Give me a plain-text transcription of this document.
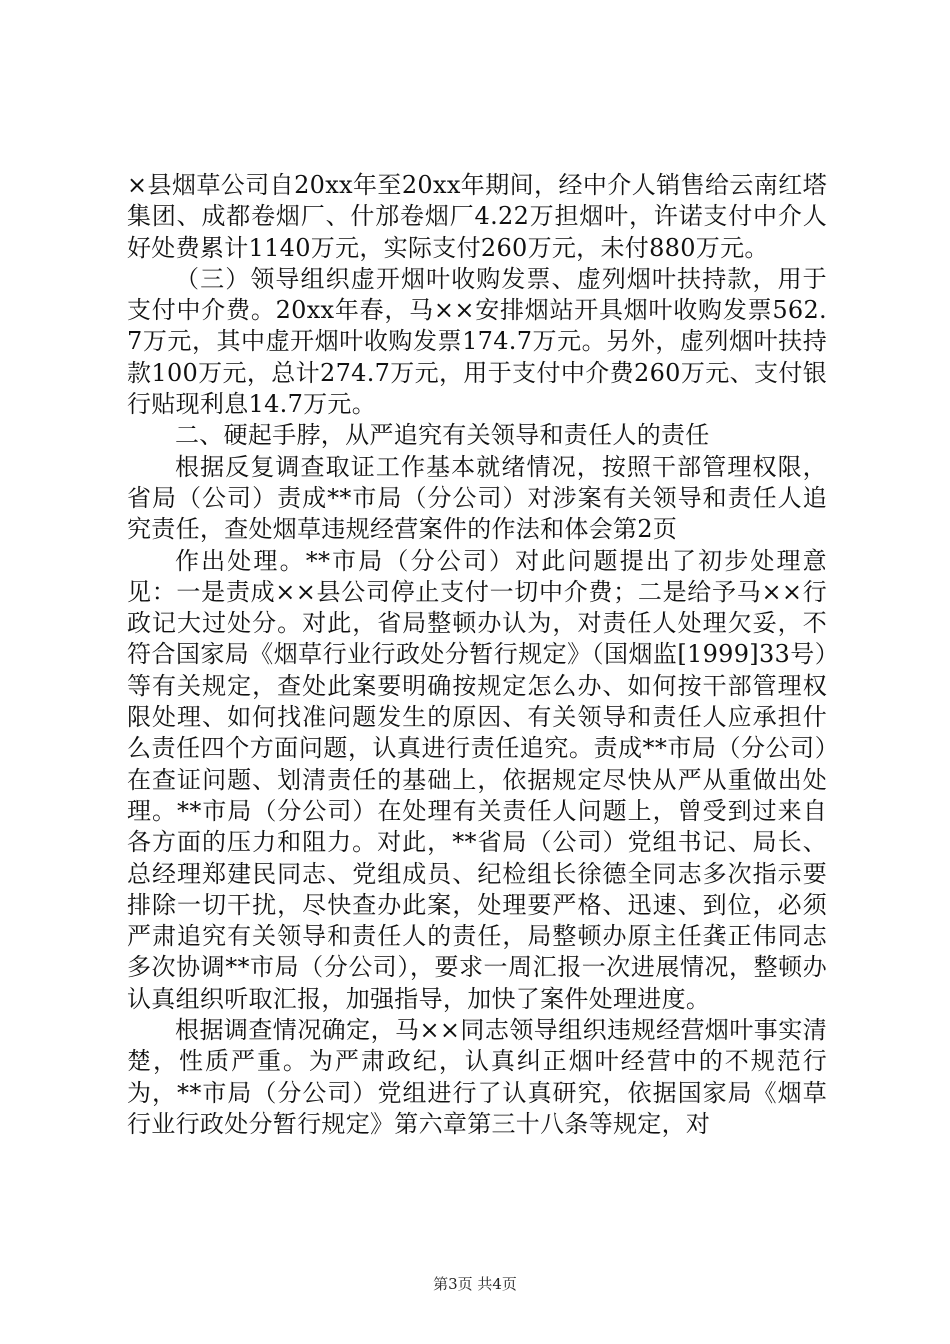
×县烟草公司自20xx年至20xx年期间，经中介人销售给云南红塔集团、成都卷烟厂、什邡卷烟厂4.22万担烟叶，许诺支付中介人好处费累计1140万元，实际支付260万元，未付880万元。

（三）领导组织虚开烟叶收购发票、虚列烟叶扶持款，用于支付中介费。20xx年春，马××安排烟站开具烟叶收购发票562.7万元，其中虚开烟叶收购发票174.7万元。另外，虚列烟叶扶持款100万元，总计274.7万元，用于支付中介费260万元、支付银行贴现利息14.7万元。

二、硬起手脖，从严追究有关领导和责任人的责任

根据反复调查取证工作基本就绪情况，按照干部管理权限，省局（公司）责成**市局（分公司）对涉案有关领导和责任人追究责任，查处烟草违规经营案件的作法和体会第2页

作出处理。**市局（分公司）对此问题提出了初步处理意见：一是责成××县公司停止支付一切中介费；二是给予马××行政记大过处分。对此，省局整顿办认为，对责任人处理欠妥，不符合国家局《烟草行业行政处分暂行规定》（国烟监[1999]33号）等有关规定，查处此案要明确按规定怎么办、如何按干部管理权限处理、如何找准问题发生的原因、有关领导和责任人应承担什么责任四个方面问题，认真进行责任追究。责成**市局（分公司）在查证问题、划清责任的基础上，依据规定尽快从严从重做出处理。**市局（分公司）在处理有关责任人问题上，曾受到过来自各方面的压力和阻力。对此，**省局（公司）党组书记、局长、总经理郑建民同志、党组成员、纪检组长徐德全同志多次指示要排除一切干扰，尽快查办此案，处理要严格、迅速、到位，必须严肃追究有关领导和责任人的责任，局整顿办原主任龚正伟同志多次协调**市局（分公司），要求一周汇报一次进展情况，整顿办认真组织听取汇报，加强指导，加快了案件处理进度。

根据调查情况确定，马××同志领导组织违规经营烟叶事实清楚，性质严重。为严肃政纪，认真纠正烟叶经营中的不规范行为，**市局（分公司）党组进行了认真研究，依据国家局《烟草行业行政处分暂行规定》第六章第三十八条等规定，对

第3页 共4页
